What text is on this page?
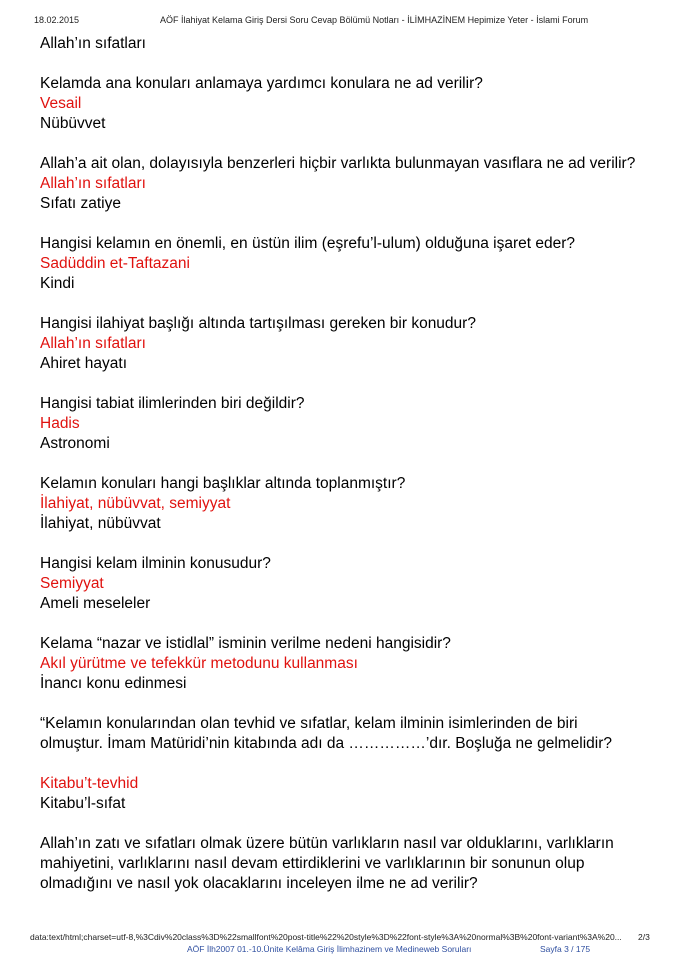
18.02.2015	AÖF İlahiyat Kelama Giriş Dersi Soru Cevap Bölümü Notları - İLİMHAZİNEM Hepimize Yeter - İslami Forum

Allah’ın sıfatları

Kelamda ana konuları anlamaya yardımcı konulara ne ad verilir?

Vesail

Nübüvvet

Allah’a ait olan, dolayısıyla benzerleri hiçbir varlıkta bulunmayan vasıflara ne ad verilir?

Allah’ın sıfatları

Sıfatı zatiye

Hangisi kelamın en önemli, en üstün ilim (eşrefu’l-ulum) olduğuna işaret eder?

Sadüddin et-Taftazani

Kindi

Hangisi ilahiyat başlığı altında tartışılması gereken bir konudur?

Allah’ın sıfatları

Ahiret hayatı

Hangisi tabiat ilimlerinden biri değildir?

Hadis

Astronomi

Kelamın konuları hangi başlıklar altında toplanmıştır?

İlahiyat, nübüvvat, semiyyat

İlahiyat, nübüvvat

Hangisi kelam ilminin konusudur?

Semiyyat

Ameli meseleler

Kelama “nazar ve istidlal” isminin verilme nedeni hangisidir?

Akıl yürütme ve tefekkür metodunu kullanması

İnancı konu edinmesi

“Kelamın konularından olan tevhid ve sıfatlar, kelam ilminin isimlerinden de biri olmuştur. İmam Matüridi’nin kitabında adı da ……………’dır. Boşluğa ne gelmelidir?

Kitabu’t-tevhid

Kitabu’l-sıfat

Allah’ın zatı ve sıfatları olmak üzere bütün varlıkların nasıl var olduklarını, varlıkların mahiyetini, varlıklarını nasıl devam ettirdiklerini ve varlıklarının bir sonunun olup olmadığını ve nasıl yok olacaklarını inceleyen ilme ne ad verilir?

data:text/html;charset=utf-8,%3Cdiv%20class%3D%22smallfont%20post-title%22%20style%3D%22font-style%3A%20normal%3B%20font-variant%3A%20... 2/3
AÖF İlh2007 01.-10.Ünite Kelâma Giriş İlimhazinem ve Medineweb Soruları	Sayfa 3 / 175
